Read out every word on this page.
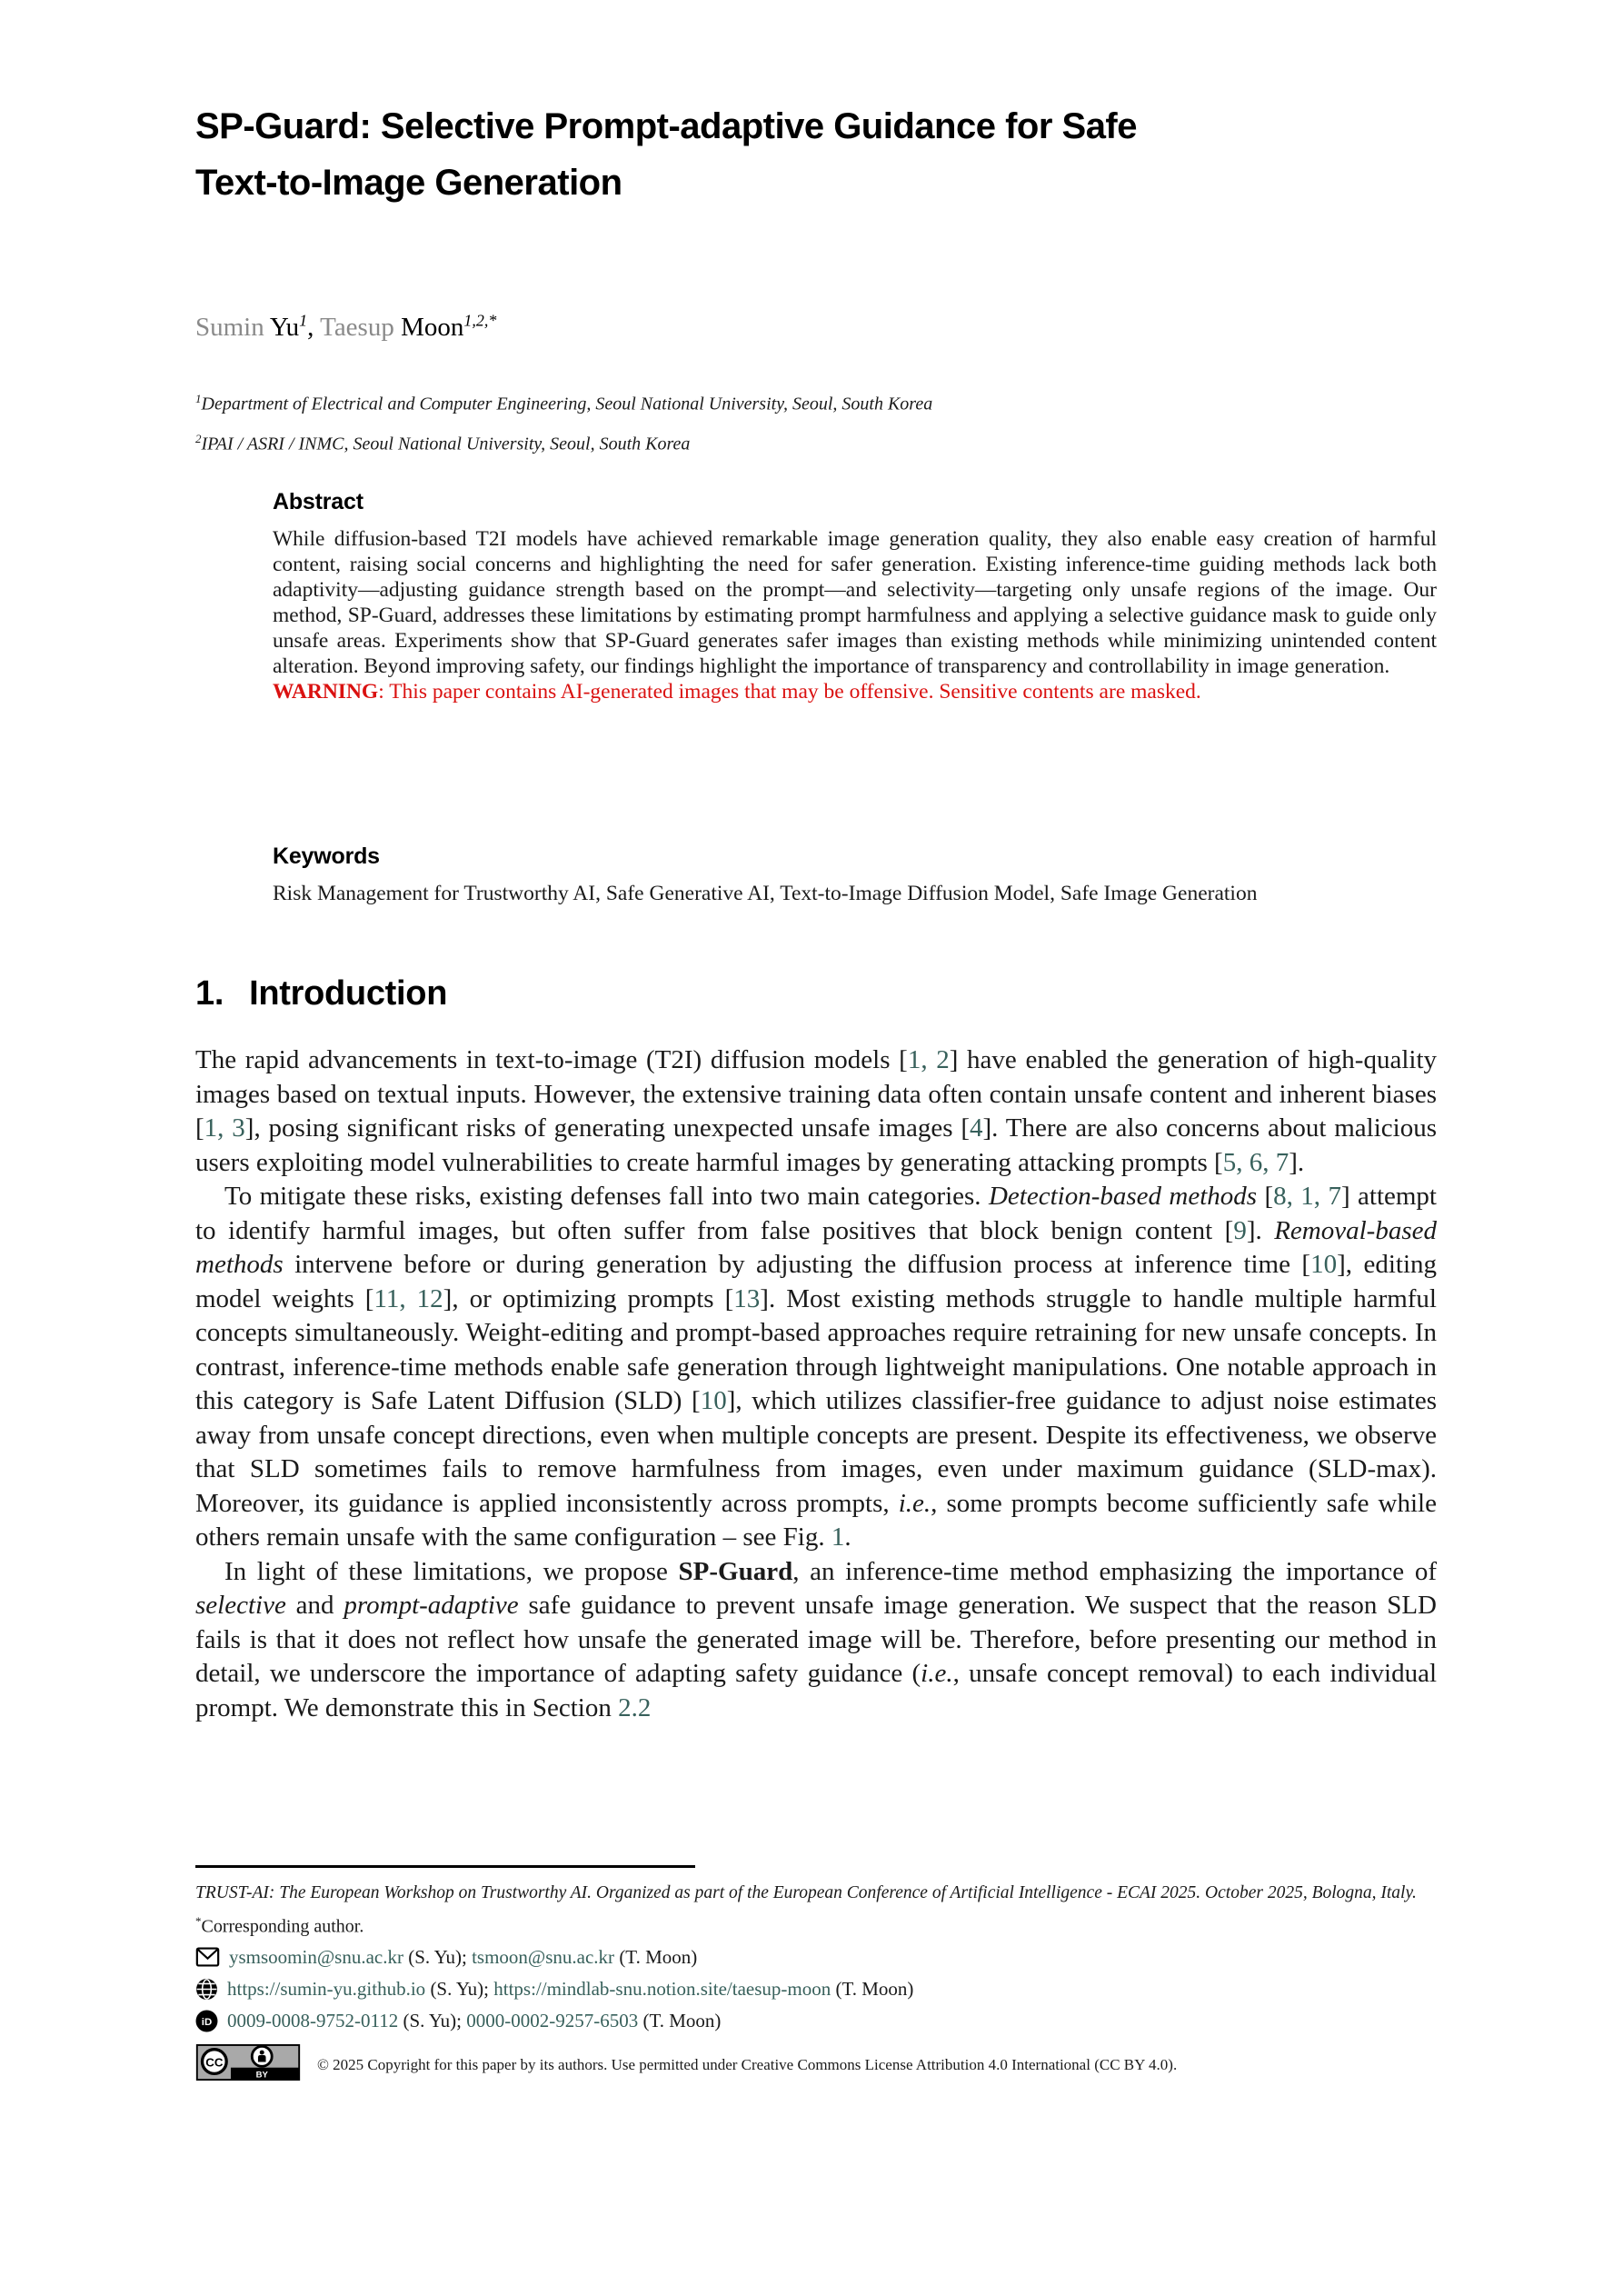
SP-Guard: Selective Prompt-adaptive Guidance for Safe
Text-to-Image Generation
Sumin Yu$^1$, Taesup Moon$^{1,2,*}$
$^1$Department of Electrical and Computer Engineering, Seoul National University, Seoul, South Korea
$^2$IPAI / ASRI / INMC, Seoul National University, Seoul, South Korea
Abstract
While diffusion-based T2I models have achieved remarkable image generation quality, they also enable easy creation of harmful content, raising social concerns and highlighting the need for safer generation. Existing inference-time guiding methods lack both adaptivity—adjusting guidance strength based on the prompt—and selectivity—targeting only unsafe regions of the image. Our method, SP-Guard, addresses these limitations by estimating prompt harmfulness and applying a selective guidance mask to guide only unsafe areas. Experiments show that SP-Guard generates safer images than existing methods while minimizing unintended content alteration. Beyond improving safety, our findings highlight the importance of transparency and controllability in image generation.
WARNING: This paper contains AI-generated images that may be offensive. Sensitive contents are masked.
Keywords
Risk Management for Trustworthy AI, Safe Generative AI, Text-to-Image Diffusion Model, Safe Image Generation
1. Introduction

The rapid advancements in text-to-image (T2I) diffusion models [1, 2] have enabled the generation of high-quality images based on textual inputs. However, the extensive training data often contain unsafe content and inherent biases [1, 3], posing significant risks of generating unexpected unsafe images [4]. There are also concerns about malicious users exploiting model vulnerabilities to create harmful images by generating attacking prompts [5, 6, 7].

To mitigate these risks, existing defenses fall into two main categories. Detection-based methods [8, 1, 7] attempt to identify harmful images, but often suffer from false positives that block benign content [9]. Removal-based methods intervene before or during generation by adjusting the diffusion process at inference time [10], editing model weights [11, 12], or optimizing prompts [13]. Most existing methods struggle to handle multiple harmful concepts simultaneously. Weight-editing and prompt-based approaches require retraining for new unsafe concepts. In contrast, inference-time methods enable safe generation through lightweight manipulations. One notable approach in this category is Safe Latent Diffusion (SLD) [10], which utilizes classifier-free guidance to adjust noise estimates away from unsafe concept directions, even when multiple concepts are present. Despite its effectiveness, we observe that SLD sometimes fails to remove harmfulness from images, even under maximum guidance (SLD-max). Moreover, its guidance is applied inconsistently across prompts, i.e., some prompts become sufficiently safe while others remain unsafe with the same configuration – see Fig. 1.

In light of these limitations, we propose SP-Guard, an inference-time method emphasizing the importance of selective and prompt-adaptive safe guidance to prevent unsafe image generation. We suspect that the reason SLD fails is that it does not reflect how unsafe the generated image will be. Therefore, before presenting our method in detail, we underscore the importance of adapting safety guidance (i.e., unsafe concept removal) to each individual prompt. We demonstrate this in Section 2.2

TRUST-AI: The European Workshop on Trustworthy AI. Organized as part of the European Conference of Artificial Intelligence - ECAI 2025. October 2025, Bologna, Italy.
*Corresponding author.
ysmsoomin@snu.ac.kr (S. Yu); tsmoon@snu.ac.kr (T. Moon)
https://sumin-yu.github.io (S. Yu); https://mindlab-snu.notion.site/taesup-moon (T. Moon)
iD 0009-0008-9752-0112 (S. Yu); 0000-0002-9257-6503 (T. Moon)
CC
BY
© 2025 Copyright for this paper by its authors. Use permitted under Creative Commons License Attribution 4.0 International (CC BY 4.0).
